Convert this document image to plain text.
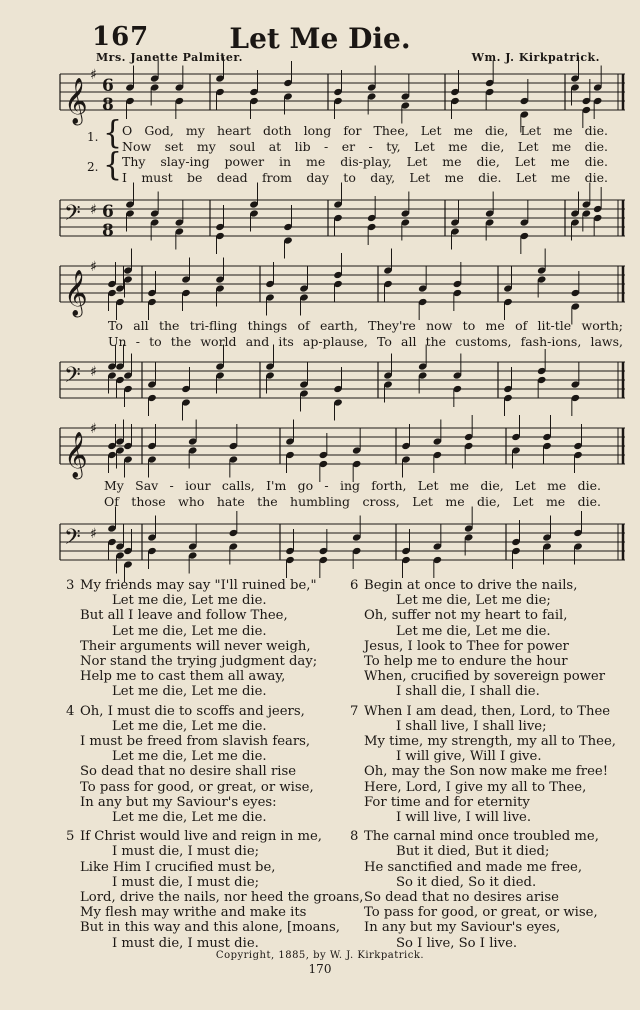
167	Let Me Die.
Mrs. Janette Palmiter.	Wm. J. Kirkpatrick.
𝄞
♯
6
8
𝄢 ♯ 6
8
1.
2.
{
{
O God, my heart doth long for Thee, Let me die, Let me die.
Now set my soul at lib - er - ty, Let me die, Let me die.
Thy slay-ing power in me dis-play, Let me die, Let me die.
I must be dead from day to day, Let me die. Let me die.
𝄞
♯
𝄢 ♯
To all the tri-fling things of earth, They're now to me of lit-tle worth;
Un - to the world and its ap-plause, To all the customs, fash-ions, laws,
𝄞
♯
𝄢 ♯
My Sav - iour calls, I'm go - ing forth, Let me die, Let me die.
Of those who hate the humbling cross, Let me die, Let me die.
3 My friends may say "I'll ruined be,"
Let me die, Let me die.
But all I leave and follow Thee,
Let me die, Let me die.
Their arguments will never weigh,
Nor stand the trying judgment day;
Help me to cast them all away,
Let me die, Let me die.
4 Oh, I must die to scoffs and jeers,
Let me die, Let me die.
I must be freed from slavish fears,
Let me die, Let me die.
So dead that no desire shall rise
To pass for good, or great, or wise,
In any but my Saviour's eyes:
Let me die, Let me die.
5 If Christ would live and reign in me,
I must die, I must die;
Like Him I crucified must be,
I must die, I must die;
Lord, drive the nails, nor heed the groans,
My flesh may writhe and make its
But in this way and this alone, [moans,
I must die, I must die.
6 Begin at once to drive the nails,
Let me die, Let me die;
Oh, suffer not my heart to fail,
Let me die, Let me die.
Jesus, I look to Thee for power
To help me to endure the hour
When, crucified by sovereign power
I shall die, I shall die.
7 When I am dead, then, Lord, to Thee
I shall live, I shall live;
My time, my strength, my all to Thee,
I will give, Will I give.
Oh, may the Son now make me free!
Here, Lord, I give my all to Thee,
For time and for eternity
I will live, I will live.
8 The carnal mind once troubled me,
But it died, But it died;
He sanctified and made me free,
So it died, So it died.
So dead that no desires arise
To pass for good, or great, or wise,
In any but my Saviour's eyes,
So I live, So I live.
Copyright, 1885, by W. J. Kirkpatrick.
170
